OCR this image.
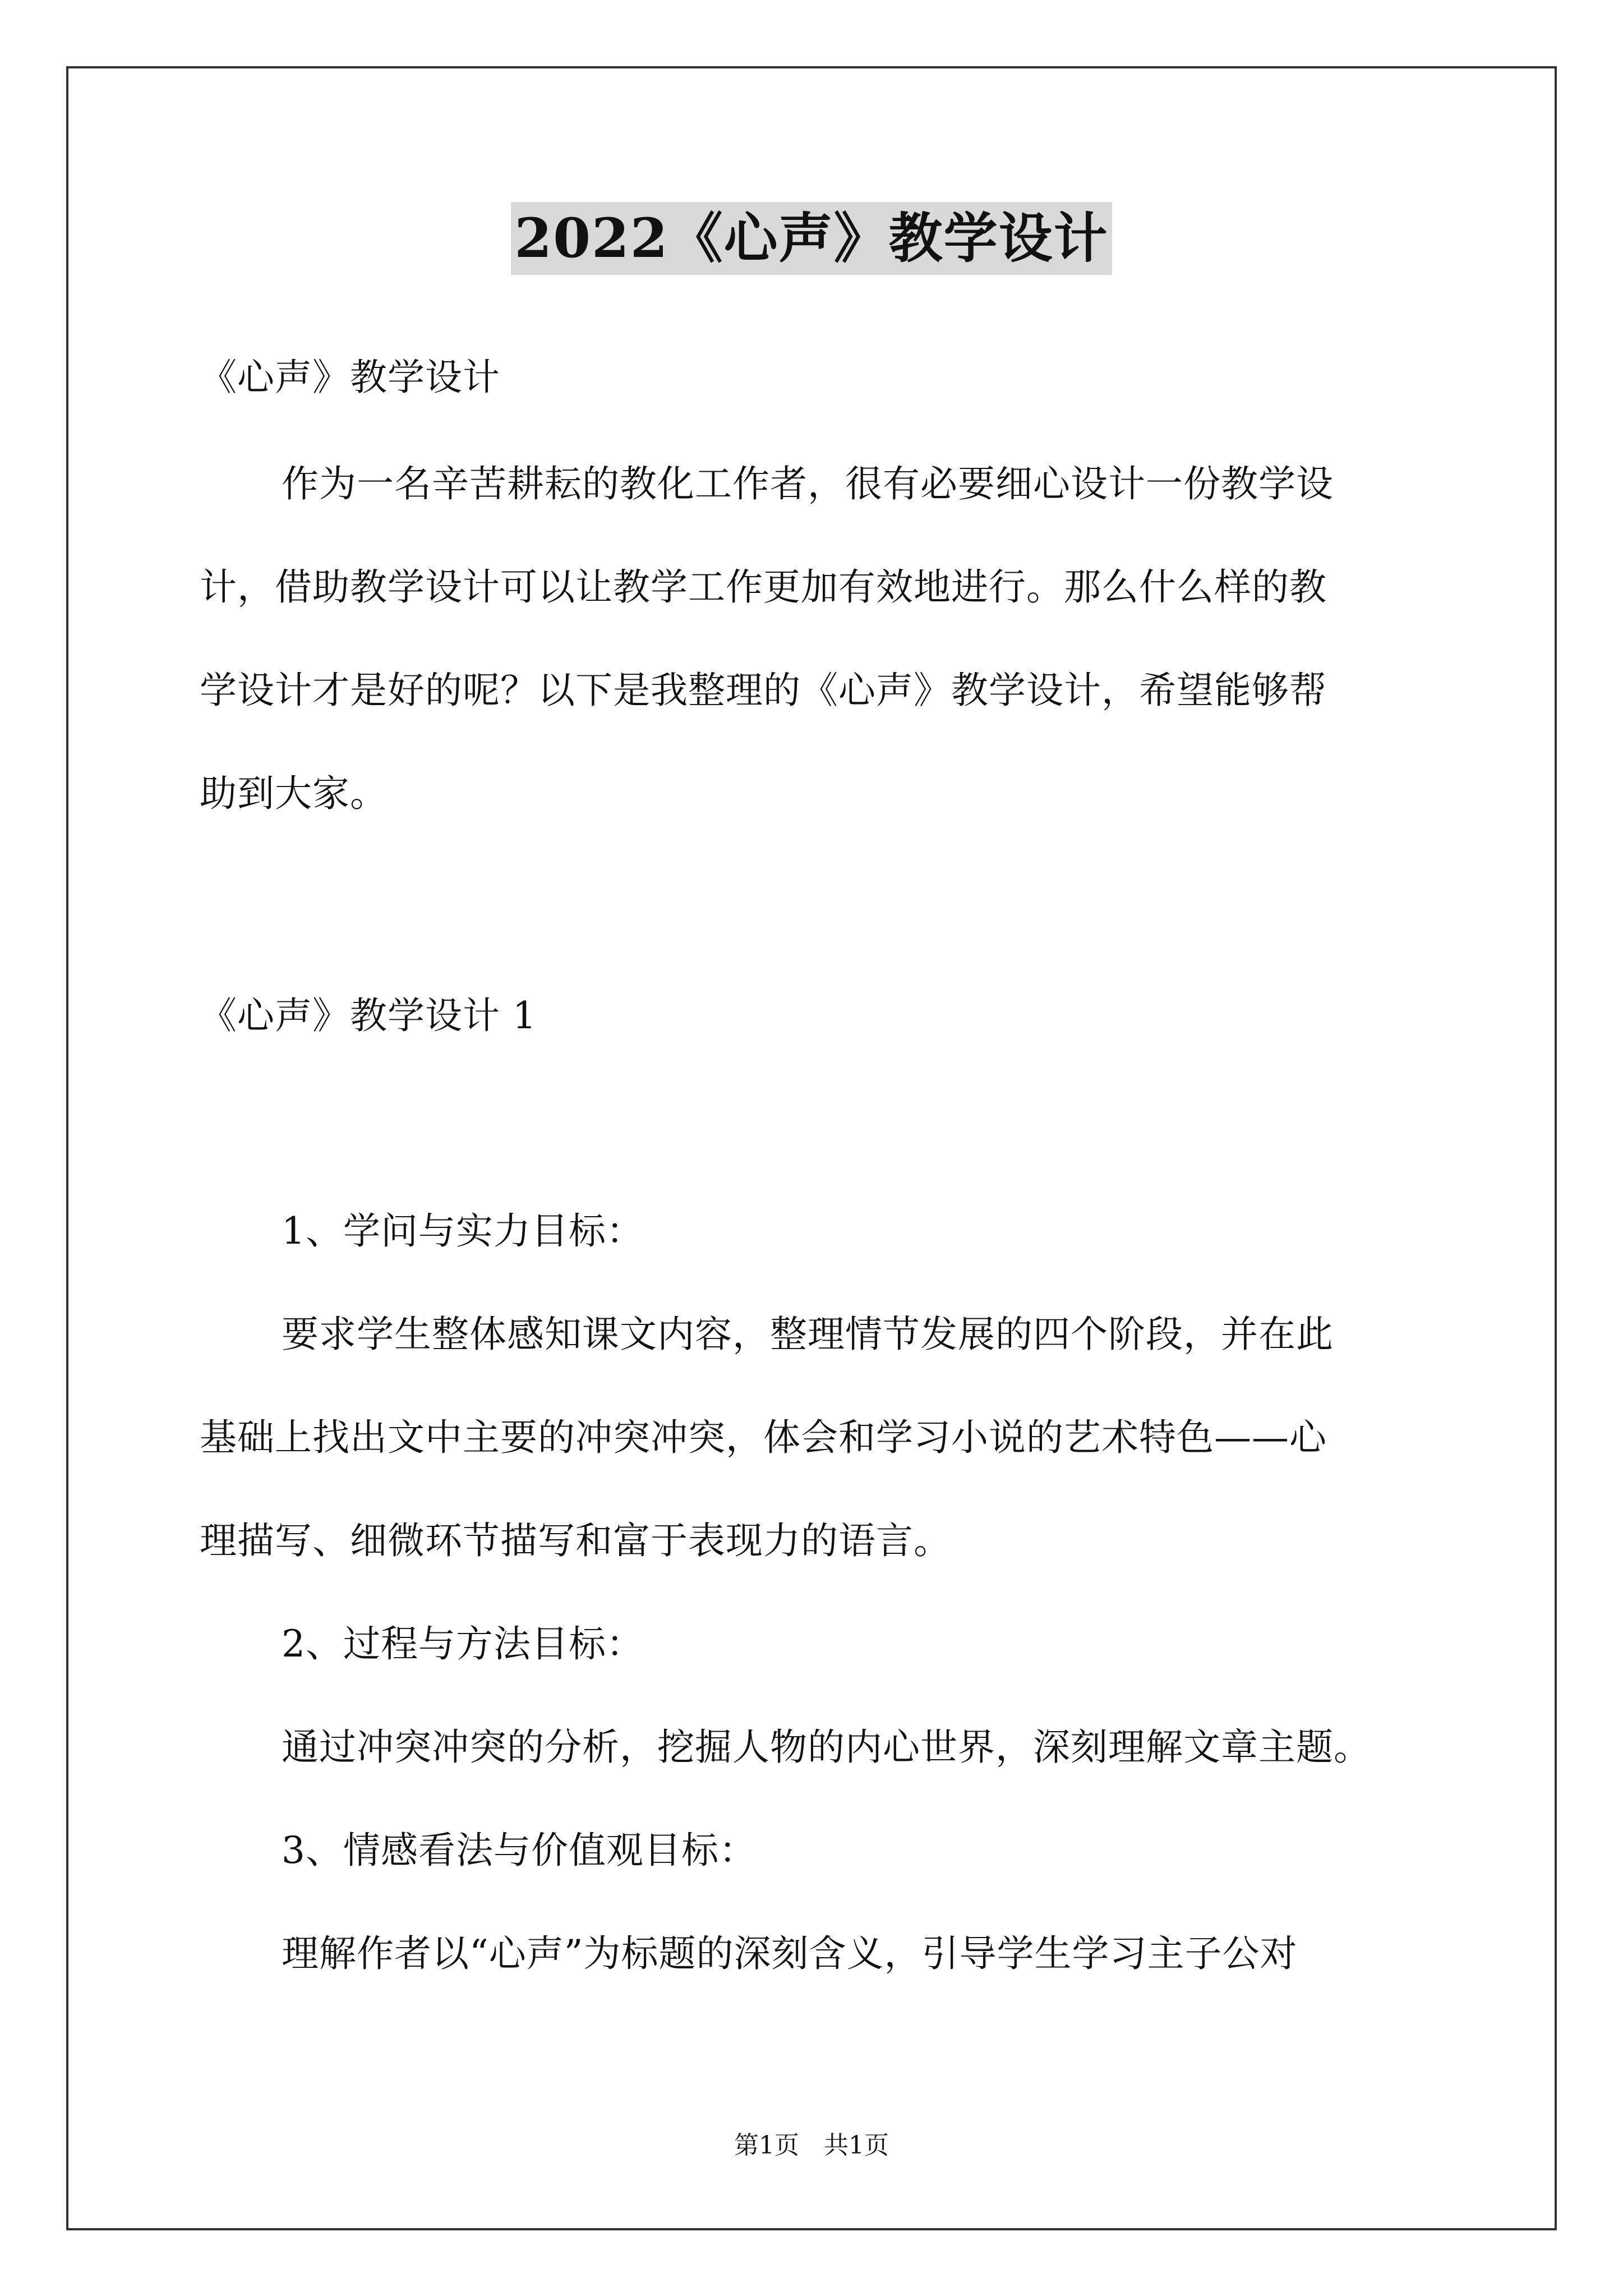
2022《心声》教学设计

《心声》教学设计

作为一名辛苦耕耘的教化工作者，很有必要细心设计一份教学设

计，借助教学设计可以让教学工作更加有效地进行。那么什么样的教

学设计才是好的呢？以下是我整理的《心声》教学设计，希望能够帮

助到大家。

《心声》教学设计 1

1、学问与实力目标：

要求学生整体感知课文内容，整理情节发展的四个阶段，并在此

基础上找出文中主要的冲突冲突，体会和学习小说的艺术特色——心

理描写、细微环节描写和富于表现力的语言。

2、过程与方法目标：

通过冲突冲突的分析，挖掘人物的内心世界，深刻理解文章主题。

3、情感看法与价值观目标：

理解作者以“心声”为标题的深刻含义，引导学生学习主子公对

第1页　共1页
